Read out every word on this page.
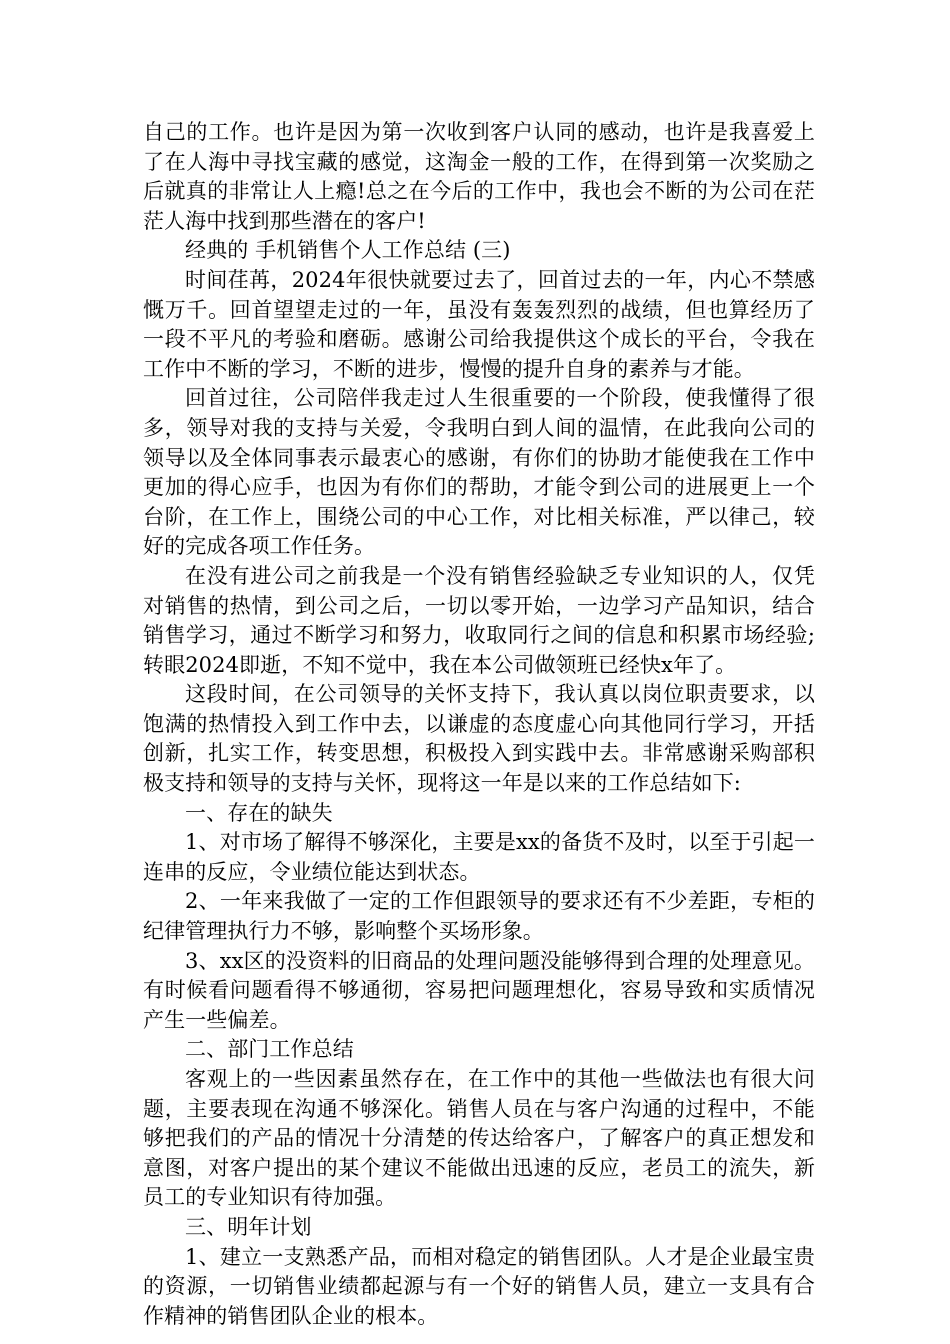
自己的工作。也许是因为第一次收到客户认同的感动，也许是我喜爱上了在人海中寻找宝藏的感觉，这淘金一般的工作，在得到第一次奖励之后就真的非常让人上瘾!总之在今后的工作中，我也会不断的为公司在茫茫人海中找到那些潜在的客户!

经典的 手机销售个人工作总结 (三)

时间荏苒，2024年很快就要过去了，回首过去的一年，内心不禁感慨万千。回首望望走过的一年，虽没有轰轰烈烈的战绩，但也算经历了一段不平凡的考验和磨砺。感谢公司给我提供这个成长的平台，令我在工作中不断的学习，不断的进步，慢慢的提升自身的素养与才能。

回首过往，公司陪伴我走过人生很重要的一个阶段，使我懂得了很多，领导对我的支持与关爱，令我明白到人间的温情，在此我向公司的领导以及全体同事表示最衷心的感谢，有你们的协助才能使我在工作中更加的得心应手，也因为有你们的帮助，才能令到公司的进展更上一个台阶，在工作上，围绕公司的中心工作，对比相关标准，严以律己，较好的完成各项工作任务。

在没有进公司之前我是一个没有销售经验缺乏专业知识的人，仅凭对销售的热情，到公司之后，一切以零开始，一边学习产品知识，结合销售学习，通过不断学习和努力，收取同行之间的信息和积累市场经验;转眼2024即逝，不知不觉中，我在本公司做领班已经快x年了。

这段时间，在公司领导的关怀支持下，我认真以岗位职责要求，以饱满的热情投入到工作中去，以谦虚的态度虚心向其他同行学习，开括创新，扎实工作，转变思想，积极投入到实践中去。非常感谢采购部积极支持和领导的支持与关怀，现将这一年是以来的工作总结如下:

一、存在的缺失

1、对市场了解得不够深化，主要是xx的备货不及时，以至于引起一连串的反应，令业绩位能达到状态。

2、一年来我做了一定的工作但跟领导的要求还有不少差距，专柜的纪律管理执行力不够，影响整个买场形象。

3、xx区的没资料的旧商品的处理问题没能够得到合理的处理意见。有时候看问题看得不够通彻，容易把问题理想化，容易导致和实质情况产生一些偏差。

二、部门工作总结

客观上的一些因素虽然存在，在工作中的其他一些做法也有很大问题，主要表现在沟通不够深化。销售人员在与客户沟通的过程中，不能够把我们的产品的情况十分清楚的传达给客户，了解客户的真正想发和意图，对客户提出的某个建议不能做出迅速的反应，老员工的流失，新员工的专业知识有待加强。

三、明年计划

1、建立一支熟悉产品，而相对稳定的销售团队。人才是企业最宝贵的资源，一切销售业绩都起源与有一个好的销售人员，建立一支具有合作精神的销售团队企业的根本。
